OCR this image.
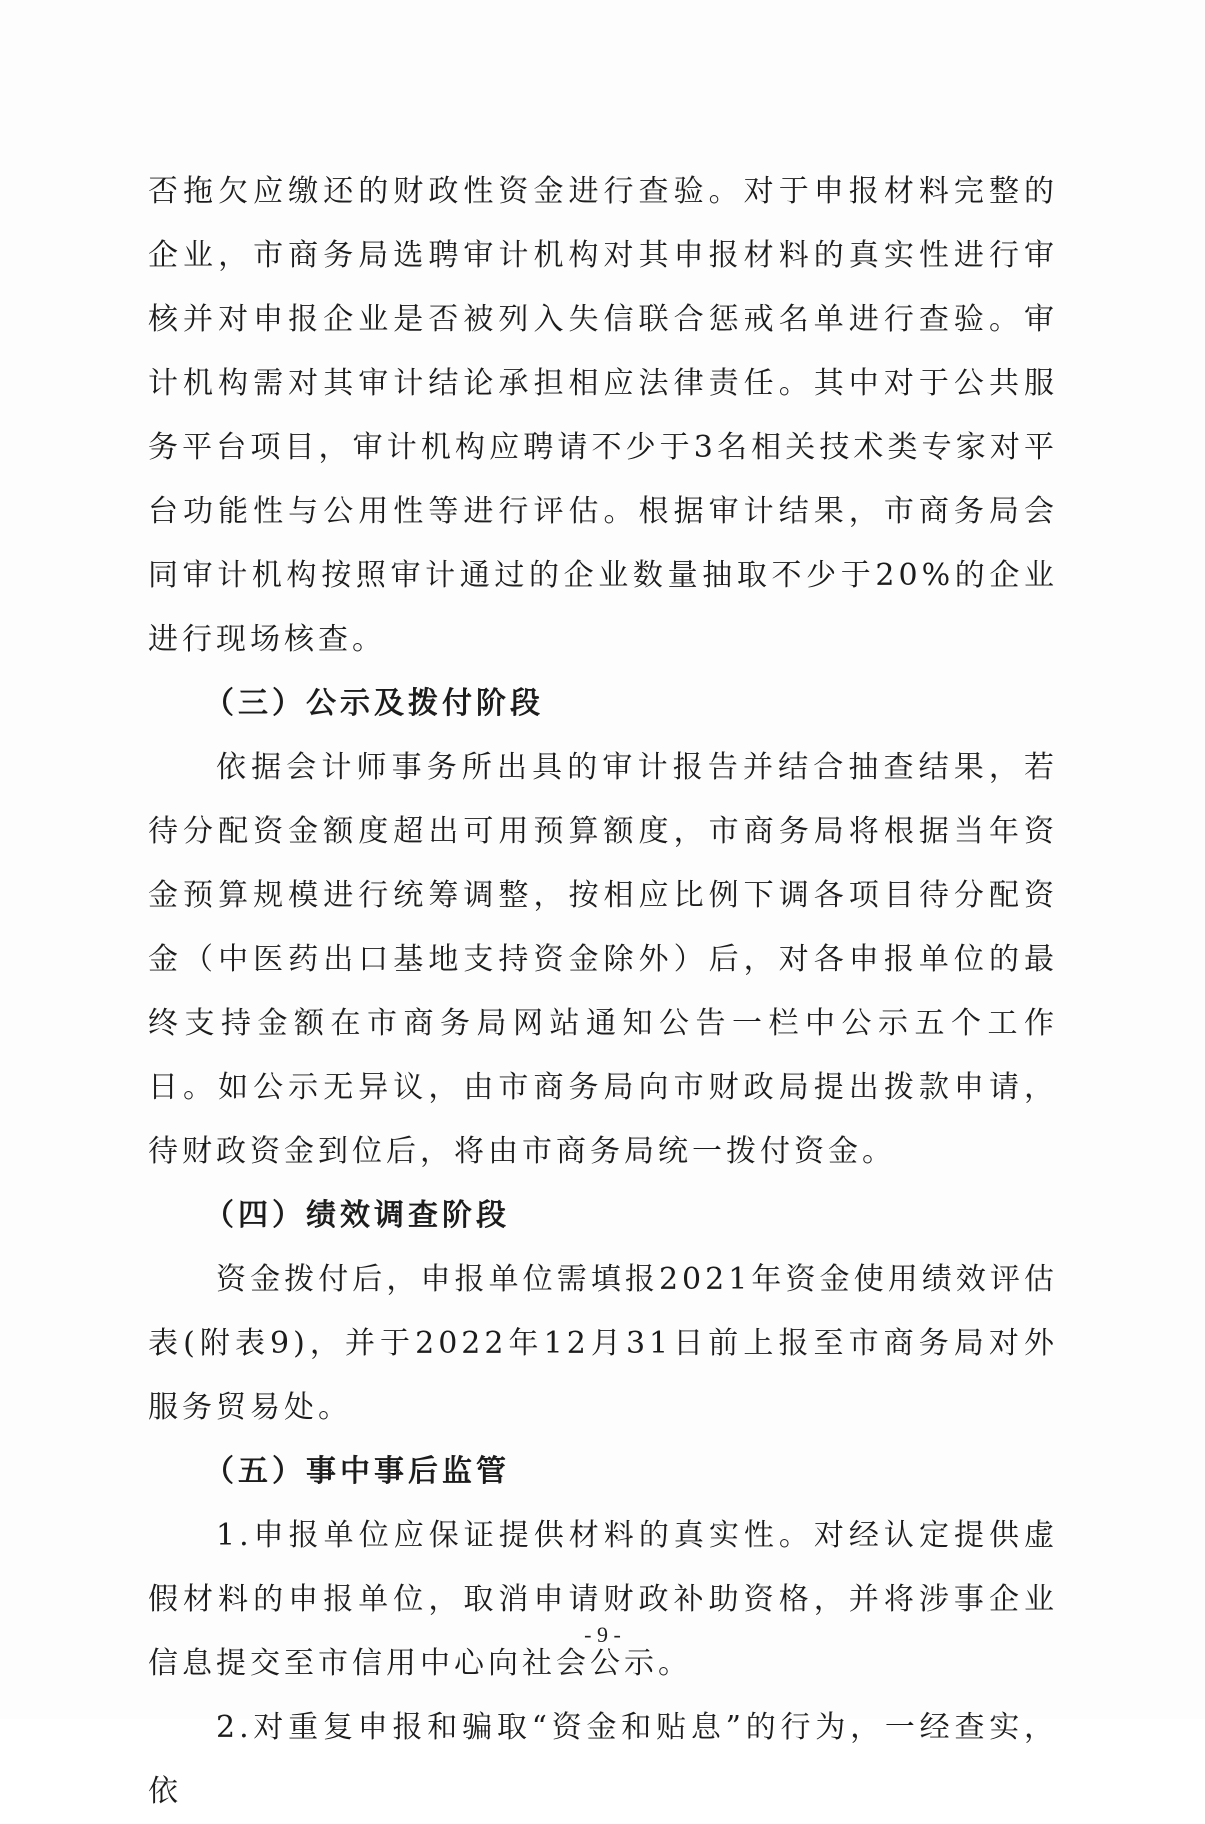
否拖欠应缴还的财政性资金进行查验。对于申报材料完整的企业，市商务局选聘审计机构对其申报材料的真实性进行审核并对申报企业是否被列入失信联合惩戒名单进行查验。审计机构需对其审计结论承担相应法律责任。其中对于公共服务平台项目，审计机构应聘请不少于3名相关技术类专家对平台功能性与公用性等进行评估。根据审计结果，市商务局会同审计机构按照审计通过的企业数量抽取不少于20%的企业进行现场核查。

（三）公示及拨付阶段

依据会计师事务所出具的审计报告并结合抽查结果，若待分配资金额度超出可用预算额度，市商务局将根据当年资金预算规模进行统筹调整，按相应比例下调各项目待分配资金（中医药出口基地支持资金除外）后，对各申报单位的最终支持金额在市商务局网站通知公告一栏中公示五个工作日。如公示无异议，由市商务局向市财政局提出拨款申请，待财政资金到位后，将由市商务局统一拨付资金。

（四）绩效调查阶段

资金拨付后，申报单位需填报2021年资金使用绩效评估表(附表9)，并于2022年12月31日前上报至市商务局对外服务贸易处。

（五）事中事后监管

1.申报单位应保证提供材料的真实性。对经认定提供虚假材料的申报单位，取消申请财政补助资格，并将涉事企业信息提交至市信用中心向社会公示。

2.对重复申报和骗取“资金和贴息”的行为，一经查实，依

- 9 -
